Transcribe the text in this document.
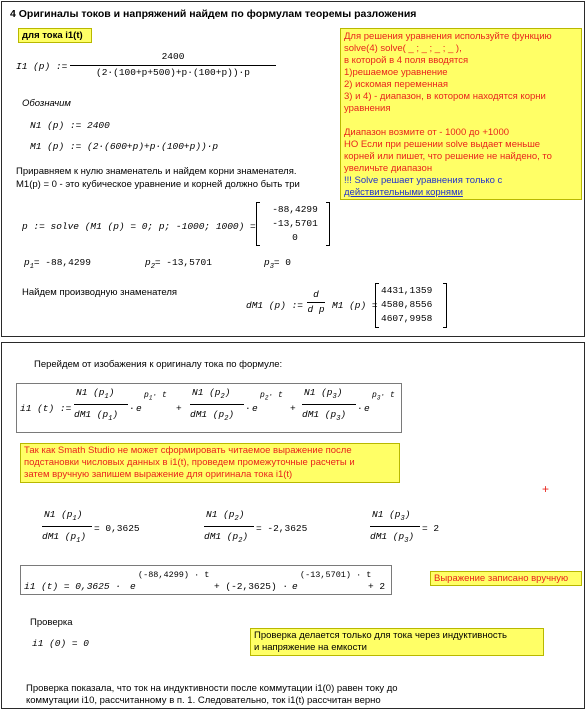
4 Оригиналы токов и напряжений найдем по формулам теоремы разложения
для тока i1(t)
I1 (p) :=
2400
(2·(100+p+500)+p·(100+p))·p
Обозначим
N1 (p) := 2400
M1 (p) := (2·(600+p)+p·(100+p))·p
Приравняем к нулю знаменатель и найдем корни знаменателя.
M1(p) = 0 - это кубическое уравнение и корней должно быть три
p := solve (M1 (p) = 0; p; -1000; 1000) =
-88,4299
-13,5701
0
$p_1= -88,4299$	$p_2= -13,5701$	$p_3= 0$
Найдем производную знаменателя
dM1 (p) :=
d
d p M1 (p) =
4431,1359
4580,8556
4607,9958
Для решения уравнения используйте функцию
solve(4) solve( _ ; _ ; _ ; _ ),
в которой в 4 поля вводятся
1)решаемое уравнение
2) искомая переменная
3) и 4) - диапазон, в котором находятся корни
уравнения
Диапазон возмите от - 1000 до +1000
НО Если при решении solve выдает меньше
корней или пишет, что решение не найдено, то
увеличьте диапазон
!!! Solve решает уравнения только с
действительными корнями
Перейдем от изобажения к оригиналу тока по формуле:
i1 (t) :=
N1 $(p_1)$
dM1 $(p_1)$
· e
$p_1\cdot t$
+
N1 $(p_2)$
dM1 $(p_2)$
· e
$p_2\cdot t$
+
N1 $(p_3)$
dM1 $(p_3)$
· e
$p_3\cdot t$
Так как Smath Studio не может сформировать читаемое выражение после
подстановки числовых данных в i1(t), проведем промежуточные расчеты и
затем вручную запишем выражение для оригинала тока i1(t)
+
N1 $(p_1)$
dM1 $(p_1)$
= 0,3625
N1 $(p_2)$
dM1 $(p_2)$
= -2,3625
N1 $(p_3)$
dM1 $(p_3)$
= 2
i1 (t) = 0,3625 · e
(-88,4299) · t
+ (-2,3625) · e
(-13,5701) · t
+ 2
Выражение записано вручную
Проверка
i1 (0) = 0
Проверка делается только для тока через индуктивность
и напряжение на емкости
Проверка показала, что ток на индуктивности после коммутации i1(0) равен току до
коммутации i10, рассчитанному в п. 1. Следовательно, ток i1(t) рассчитан верно
